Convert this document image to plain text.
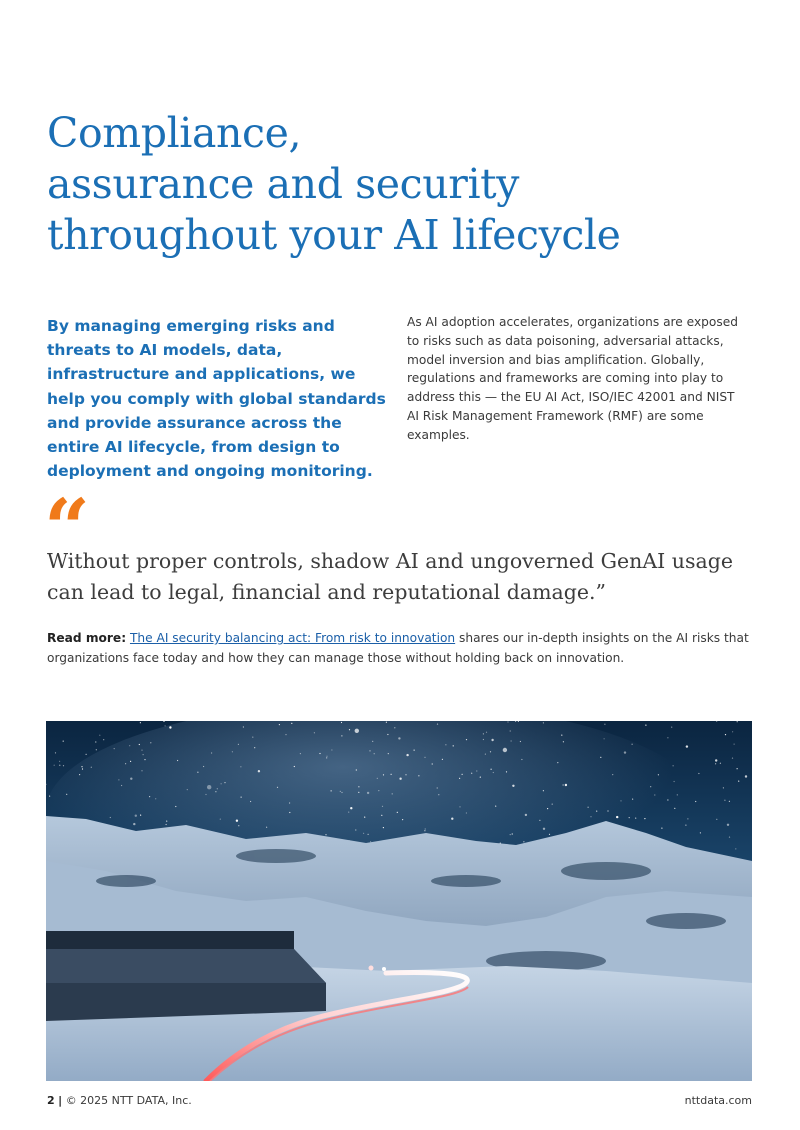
Compliance,
assurance and security
throughout your AI lifecycle

By managing emerging risks and threats to AI models, data, infrastructure and applications, we help you comply with global standards and provide assurance across the entire AI lifecycle, from design to deployment and ongoing monitoring.

As AI adoption accelerates, organizations are exposed to risks such as data poisoning, adversarial attacks, model inversion and bias amplification. Globally, regulations and frameworks are coming into play to address this — the EU AI Act, ISO/IEC 42001 and NIST AI Risk Management Framework (RMF) are some examples.

“

Without proper controls, shadow AI and ungoverned GenAI usage can lead to legal, financial and reputational damage.”

Read more: The AI security balancing act: From risk to innovation shares our in-depth insights on the AI risks that organizations face today and how they can manage those without holding back on innovation.

2 | © 2025 NTT DATA, Inc.	nttdata.com
